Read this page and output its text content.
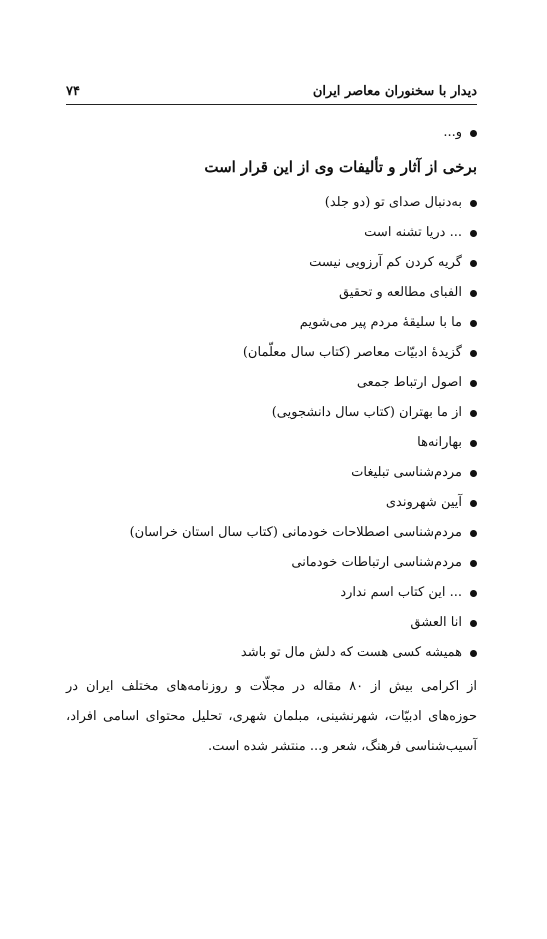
دیدار با سخنوران معاصر ایران
۷۴
و...
برخی از آثار و تألیفات وی از این قرار است
به‌دنبال صدای تو (دو جلد)
... دریا تشنه است
گریه کردن کم آرزویی نیست
الفبای مطالعه و تحقیق
ما با سلیقهٔ مردم پیر می‌شویم
گزیدهٔ ادبیّات معاصر (کتاب سال معلّمان)
اصول ارتباط جمعی
از ما بهتران (کتاب سال دانشجویی)
بهارانه‌ها
مردم‌شناسی تبلیغات
آیین شهروندی
مردم‌شناسی اصطلاحات خودمانی (کتاب سال استان خراسان)
مردم‌شناسی ارتباطات خودمانی
... این کتاب اسم ندارد
انا العشق
همیشه کسی هست که دلش مال تو باشد

از اکرامی بیش از ۸۰ مقاله در مجلّات و روزنامه‌های مختلف ایران در حوزه‌های ادبیّات، شهرنشینی، مبلمان شهری، تحلیل محتوای اسامی افراد، آسیب‌شناسی فرهنگ، شعر و... منتشر شده است.
